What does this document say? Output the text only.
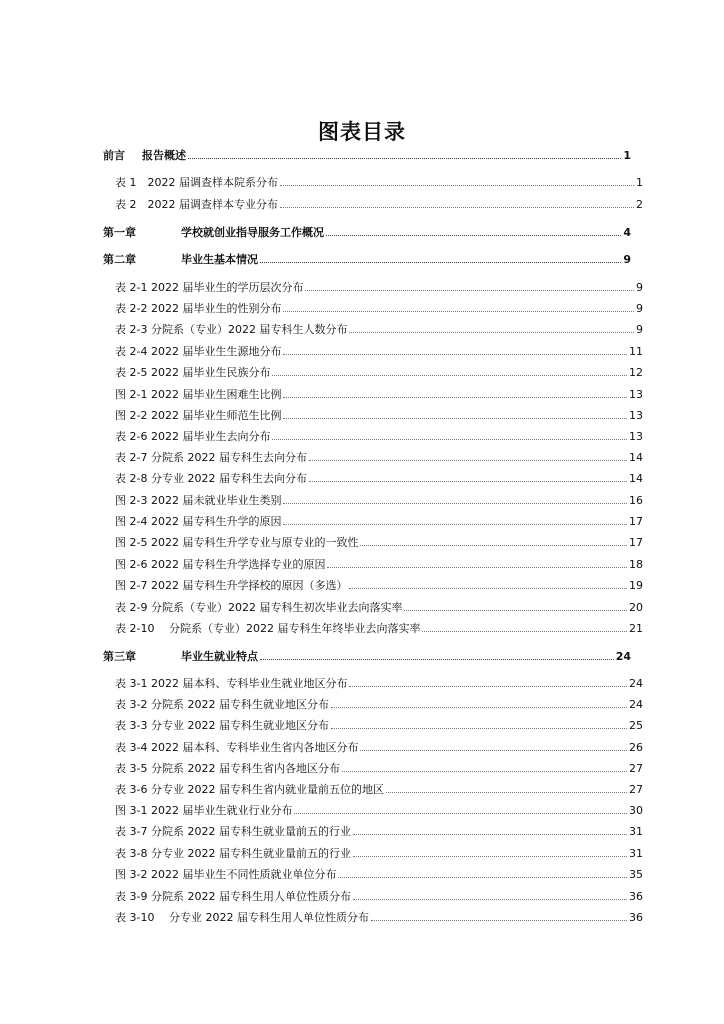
图表目录
前言 报告概述	1
表 1　2022 届调查样本院系分布	1
表 2　2022 届调查样本专业分布	2
第一章	学校就创业指导服务工作概况	4
第二章	毕业生基本情况	9
表 2-1 2022 届毕业生的学历层次分布	9
表 2-2 2022 届毕业生的性别分布	9
表 2-3 分院系（专业）2022 届专科生人数分布	9
表 2-4 2022 届毕业生生源地分布	11
表 2-5 2022 届毕业生民族分布	12
图 2-1 2022 届毕业生困难生比例	13
图 2-2 2022 届毕业生师范生比例	13
表 2-6 2022 届毕业生去向分布	13
表 2-7 分院系 2022 届专科生去向分布	14
表 2-8 分专业 2022 届专科生去向分布	14
图 2-3 2022 届未就业毕业生类别	16
图 2-4 2022 届专科生升学的原因	17
图 2-5 2022 届专科生升学专业与原专业的一致性	17
图 2-6 2022 届专科生升学选择专业的原因	18
图 2-7 2022 届专科生升学择校的原因（多选）	19
表 2-9 分院系（专业）2022 届专科生初次毕业去向落实率	20
表 2-10　 分院系（专业）2022 届专科生年终毕业去向落实率	21
第三章	毕业生就业特点	24
表 3-1 2022 届本科、专科毕业生就业地区分布	24
表 3-2 分院系 2022 届专科生就业地区分布	24
表 3-3 分专业 2022 届专科生就业地区分布	25
表 3-4 2022 届本科、专科毕业生省内各地区分布	26
表 3-5 分院系 2022 届专科生省内各地区分布	27
表 3-6 分专业 2022 届专科生省内就业量前五位的地区	27
图 3-1 2022 届毕业生就业行业分布	30
表 3-7 分院系 2022 届专科生就业量前五的行业	31
表 3-8 分专业 2022 届专科生就业量前五的行业	31
图 3-2 2022 届毕业生不同性质就业单位分布	35
表 3-9 分院系 2022 届专科生用人单位性质分布	36
表 3-10　 分专业 2022 届专科生用人单位性质分布	36
